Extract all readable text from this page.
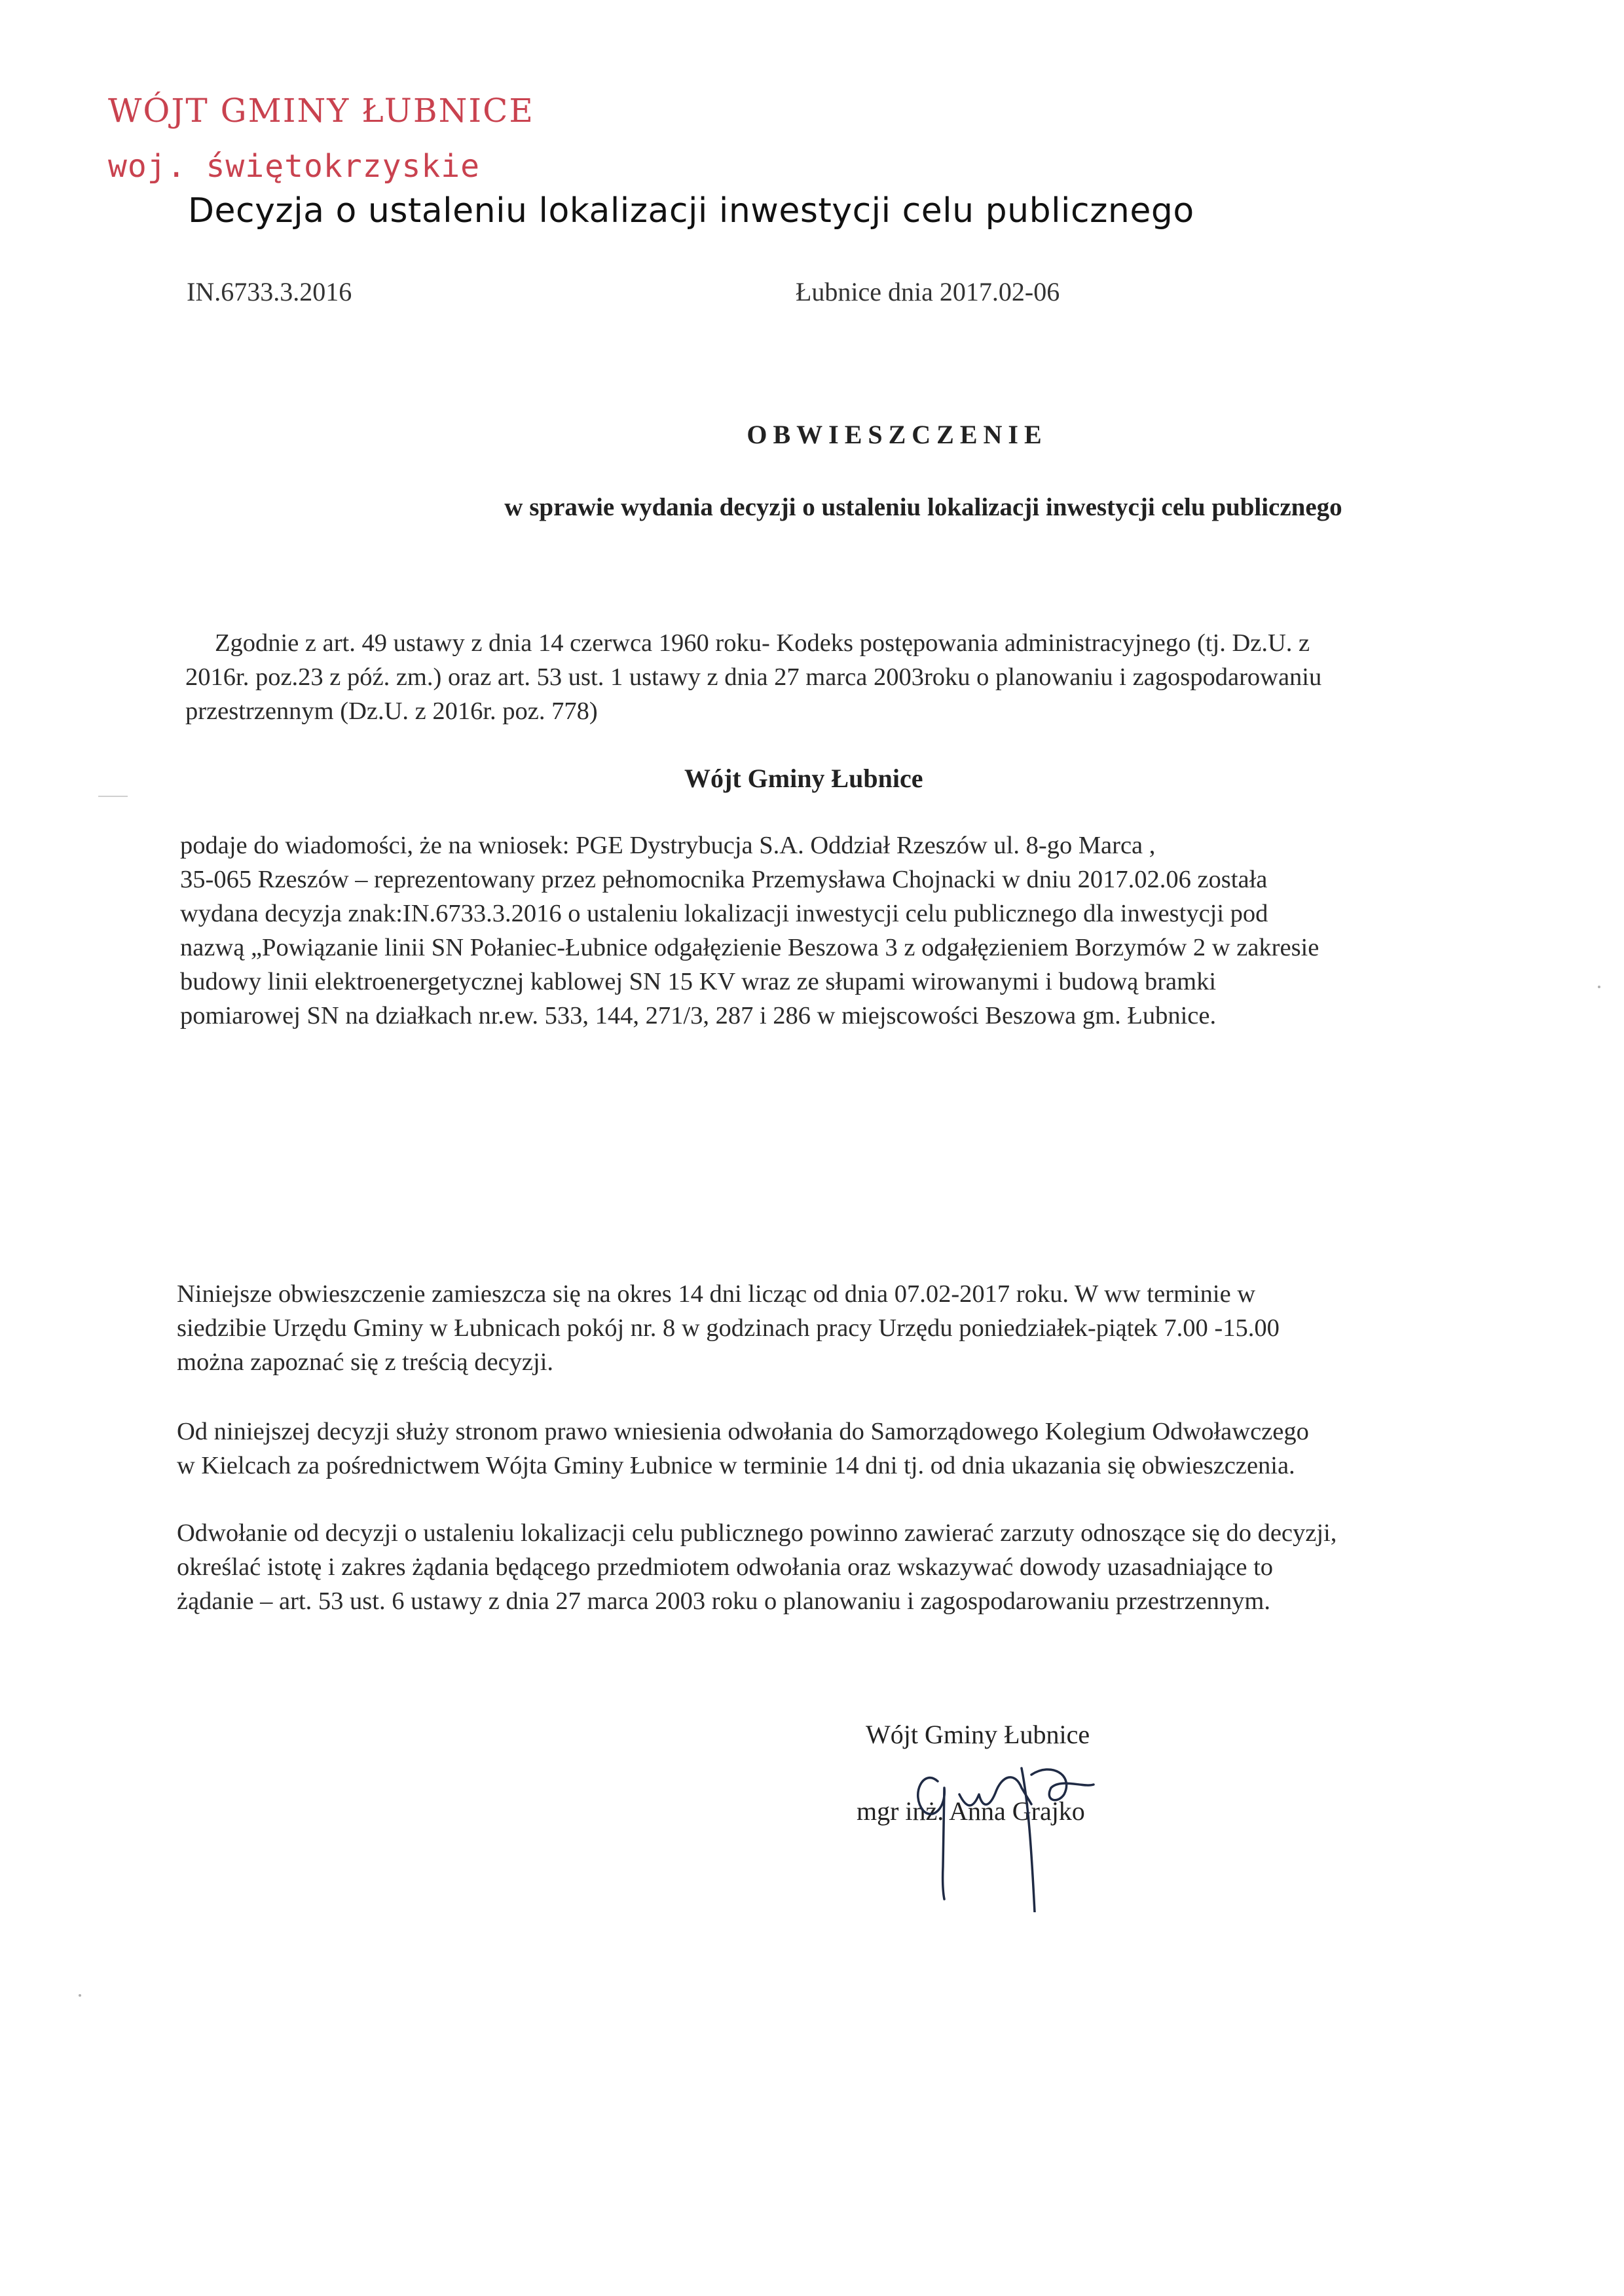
WÓJT GMINY ŁUBNICE
woj. świętokrzyskie
Decyzja o ustaleniu lokalizacji inwestycji celu publicznego
IN.6733.3.2016	Łubnice dnia 2017.02-06
OBWIESZCZENIE
w sprawie wydania decyzji o ustaleniu lokalizacji inwestycji celu publicznego
Zgodnie z art. 49 ustawy z dnia 14 czerwca 1960 roku- Kodeks postępowania administracyjnego (tj. Dz.U. z
2016r. poz.23 z póź. zm.) oraz art. 53 ust. 1 ustawy z dnia 27 marca 2003roku o planowaniu i zagospodarowaniu
przestrzennym (Dz.U. z 2016r. poz. 778)
Wójt Gminy Łubnice
podaje do wiadomości, że na wniosek: PGE Dystrybucja S.A. Oddział Rzeszów ul. 8-go Marca ,
35-065 Rzeszów – reprezentowany przez pełnomocnika Przemysława Chojnacki w dniu 2017.02.06 została
wydana decyzja znak:IN.6733.3.2016 o ustaleniu lokalizacji inwestycji celu publicznego dla inwestycji pod
nazwą „Powiązanie linii SN Połaniec-Łubnice odgałęzienie Beszowa 3 z odgałęzieniem Borzymów 2 w zakresie
budowy linii elektroenergetycznej kablowej SN 15 KV wraz ze słupami wirowanymi i budową bramki
pomiarowej SN na działkach nr.ew. 533, 144, 271/3, 287 i 286 w miejscowości Beszowa gm. Łubnice.
Niniejsze obwieszczenie zamieszcza się na okres 14 dni licząc od dnia 07.02-2017 roku. W ww terminie w
siedzibie Urzędu Gminy w Łubnicach pokój nr. 8 w godzinach pracy Urzędu poniedziałek-piątek 7.00 -15.00
można zapoznać się z treścią decyzji.
Od niniejszej decyzji służy stronom prawo wniesienia odwołania do Samorządowego Kolegium Odwoławczego
w Kielcach za pośrednictwem Wójta Gminy Łubnice w terminie 14 dni tj. od dnia ukazania się obwieszczenia.
Odwołanie od decyzji o ustaleniu lokalizacji celu publicznego powinno zawierać zarzuty odnoszące się do decyzji,
określać istotę i zakres żądania będącego przedmiotem odwołania oraz wskazywać dowody uzasadniające to
żądanie – art. 53 ust. 6 ustawy z dnia 27 marca 2003 roku o planowaniu i zagospodarowaniu przestrzennym.
Wójt Gminy Łubnice
mgr inż. Anna Grajko
